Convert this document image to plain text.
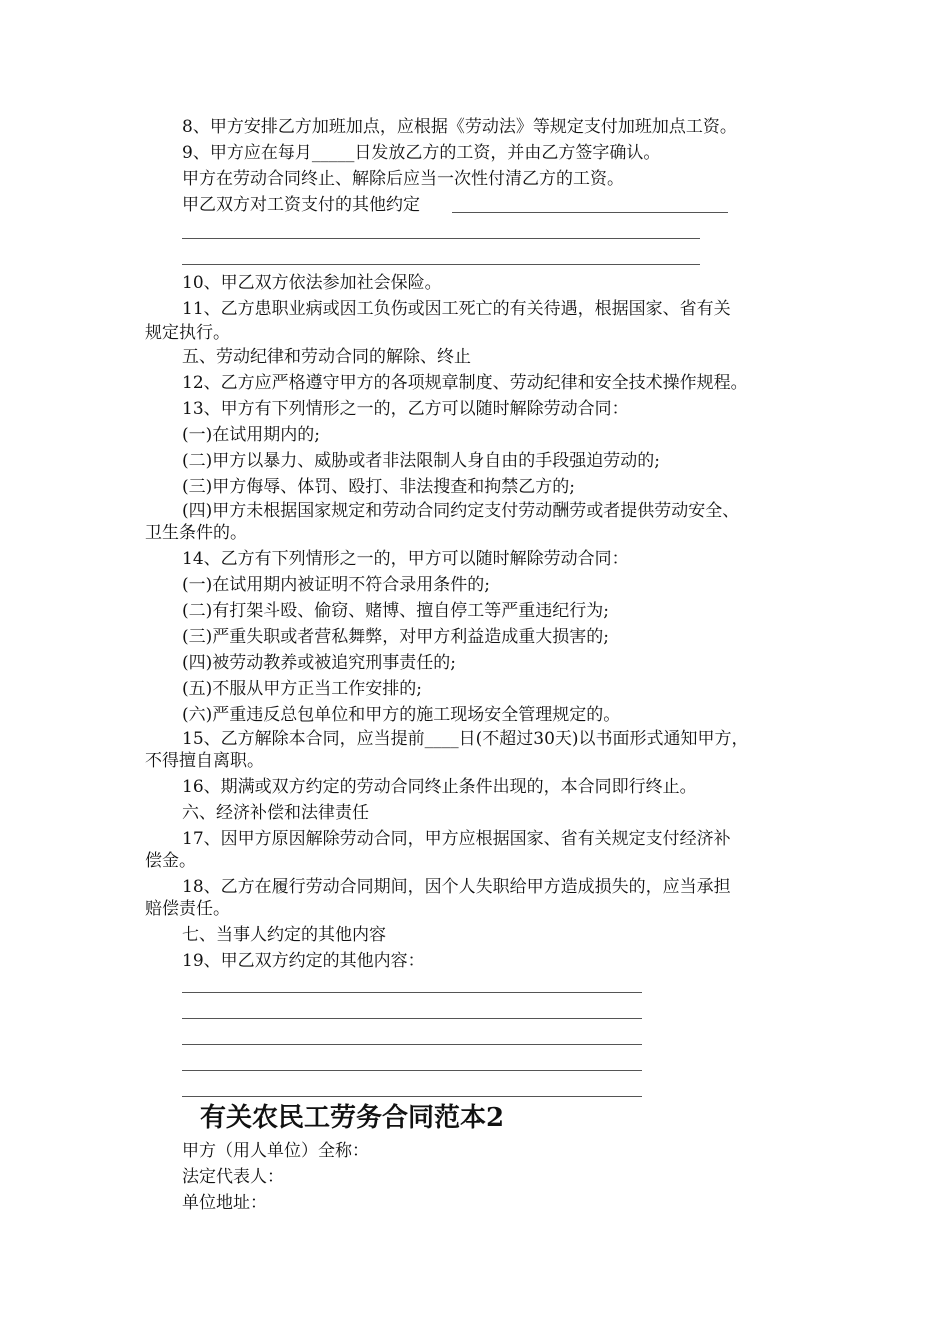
8、甲方安排乙方加班加点，应根据《劳动法》等规定支付加班加点工资。
9、甲方应在每月_____日发放乙方的工资，并由乙方签字确认。
甲方在劳动合同终止、解除后应当一次性付清乙方的工资。
甲乙双方对工资支付的其他约定
10、甲乙双方依法参加社会保险。
11、乙方患职业病或因工负伤或因工死亡的有关待遇，根据国家、省有关
规定执行。
五、劳动纪律和劳动合同的解除、终止
12、乙方应严格遵守甲方的各项规章制度、劳动纪律和安全技术操作规程。
13、甲方有下列情形之一的，乙方可以随时解除劳动合同：
(一)在试用期内的;
(二)甲方以暴力、威胁或者非法限制人身自由的手段强迫劳动的;
(三)甲方侮辱、体罚、殴打、非法搜查和拘禁乙方的;
(四)甲方未根据国家规定和劳动合同约定支付劳动酬劳或者提供劳动安全、
卫生条件的。
14、乙方有下列情形之一的，甲方可以随时解除劳动合同：
(一)在试用期内被证明不符合录用条件的;
(二)有打架斗殴、偷窃、赌博、擅自停工等严重违纪行为;
(三)严重失职或者营私舞弊，对甲方利益造成重大损害的;
(四)被劳动教养或被追究刑事责任的;
(五)不服从甲方正当工作安排的;
(六)严重违反总包单位和甲方的施工现场安全管理规定的。
15、乙方解除本合同，应当提前____日(不超过30天)以书面形式通知甲方，
不得擅自离职。
16、期满或双方约定的劳动合同终止条件出现的，本合同即行终止。
六、经济补偿和法律责任
17、因甲方原因解除劳动合同，甲方应根据国家、省有关规定支付经济补
偿金。
18、乙方在履行劳动合同期间，因个人失职给甲方造成损失的，应当承担
赔偿责任。
七、当事人约定的其他内容
19、甲乙双方约定的其他内容：
有关农民工劳务合同范本2
甲方（用人单位）全称：
法定代表人：
单位地址：
